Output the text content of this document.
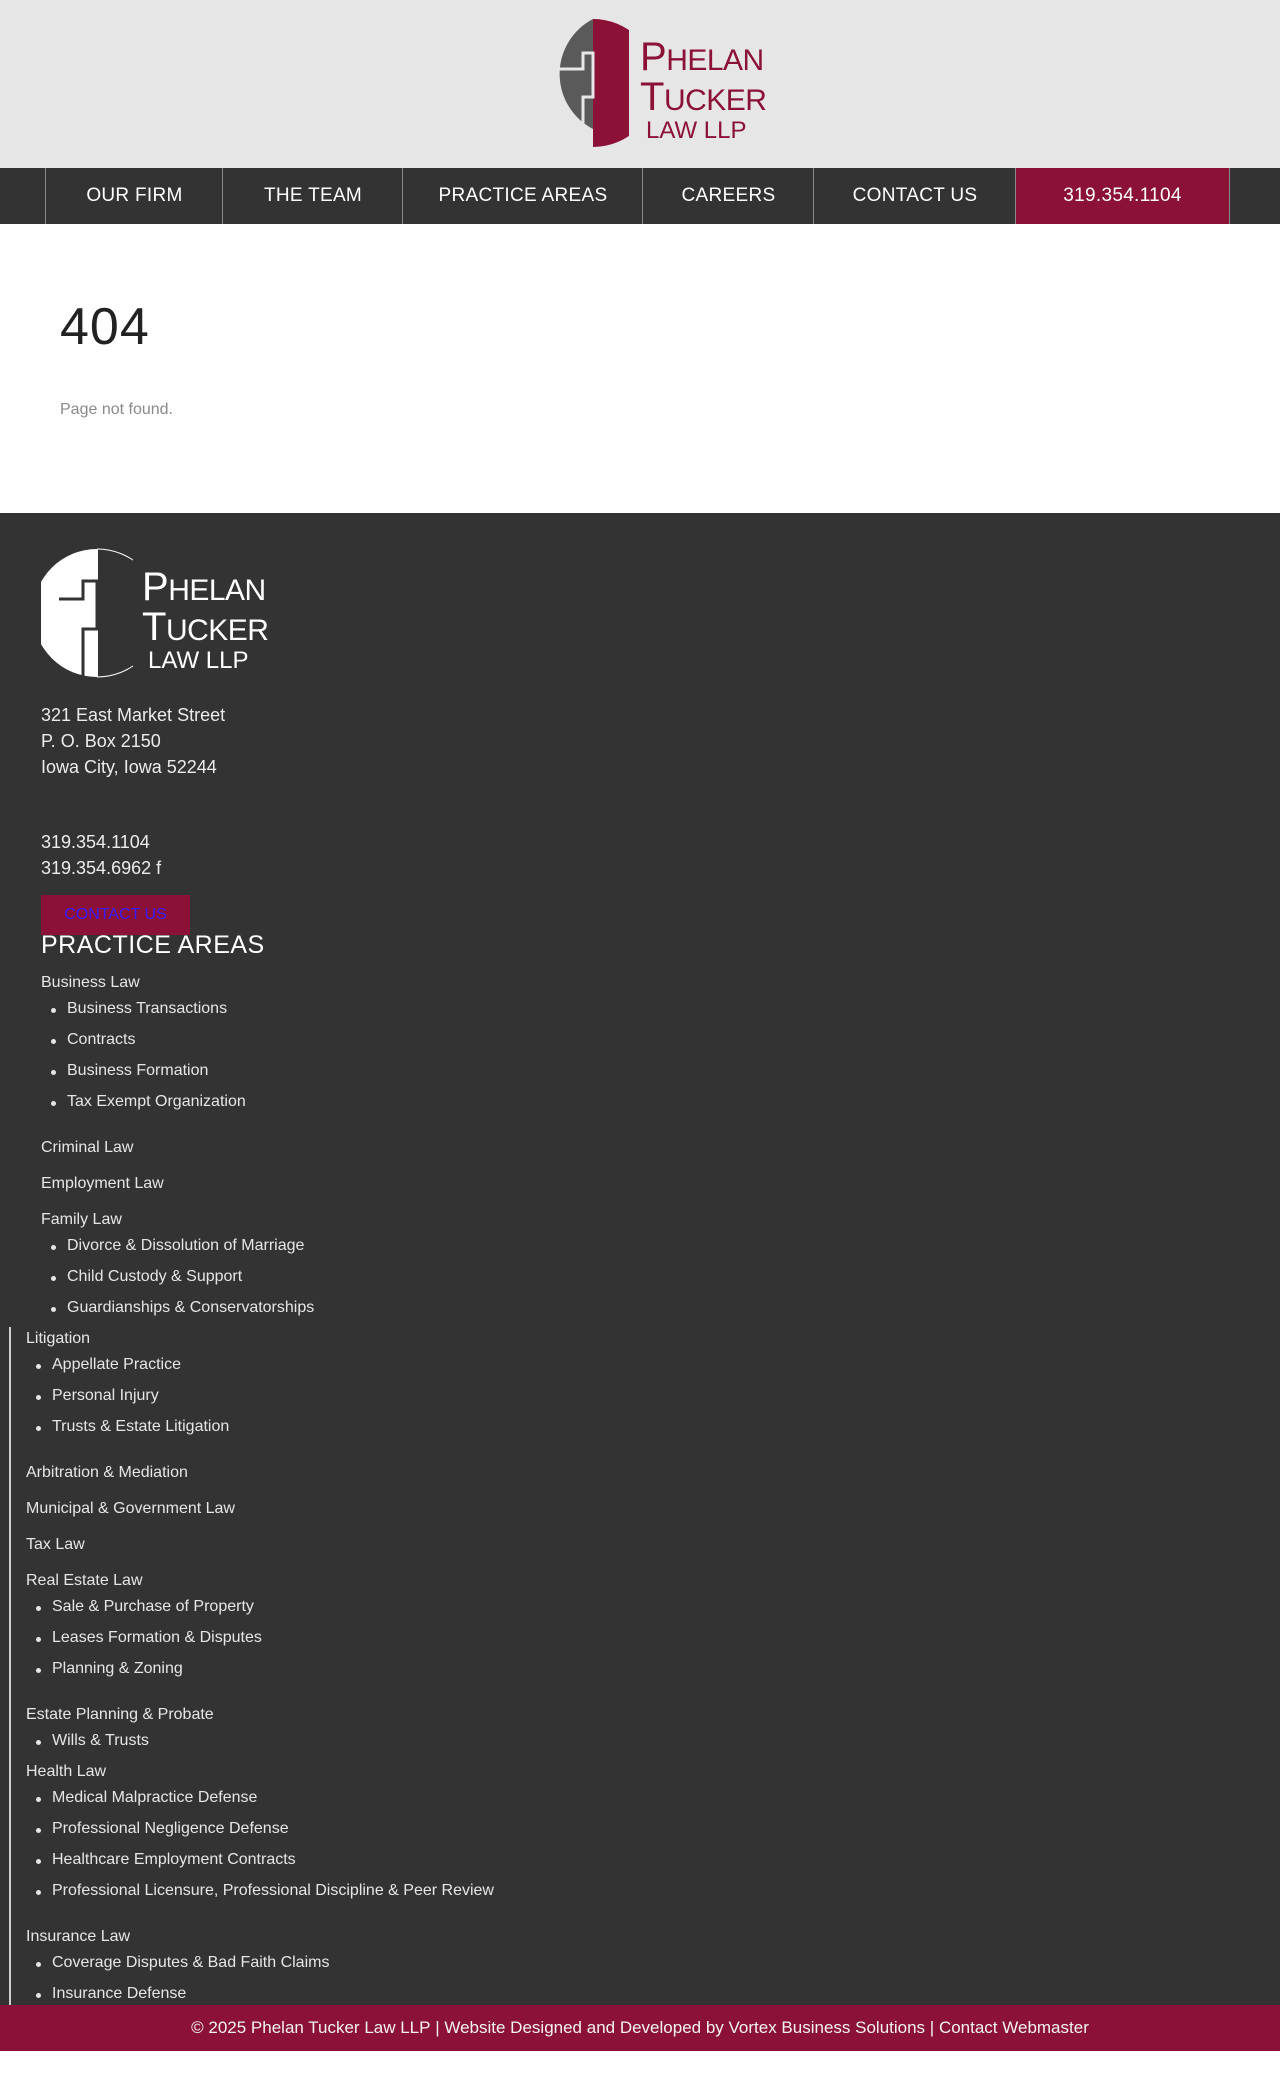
PHELAN
TUCKER
LAW LLP
OUR FIRM	THE TEAM	PRACTICE AREAS	CAREERS	CONTACT US	319.354.1104
404
Page not found.
PHELAN
TUCKER
LAW LLP
321 East Market Street
P. O. Box 2150
Iowa City, Iowa 52244
319.354.1104
319.354.6962 f
CONTACT US
PRACTICE AREAS
Business Law
Business Transactions
Contracts
Business Formation
Tax Exempt Organization
Criminal Law
Employment Law
Family Law
Divorce & Dissolution of Marriage
Child Custody & Support
Guardianships & Conservatorships
Litigation
Appellate Practice
Personal Injury
Trusts & Estate Litigation
Arbitration & Mediation
Municipal & Government Law
Tax Law
Real Estate Law
Sale & Purchase of Property
Leases Formation & Disputes
Planning & Zoning
Estate Planning & Probate
Wills & Trusts
Health Law
Medical Malpractice Defense
Professional Negligence Defense
Healthcare Employment Contracts
Professional Licensure, Professional Discipline & Peer Review
Insurance Law
Coverage Disputes & Bad Faith Claims
Insurance Defense
© 2025 Phelan Tucker Law LLP | Website Designed and Developed by Vortex Business Solutions | Contact Webmaster
